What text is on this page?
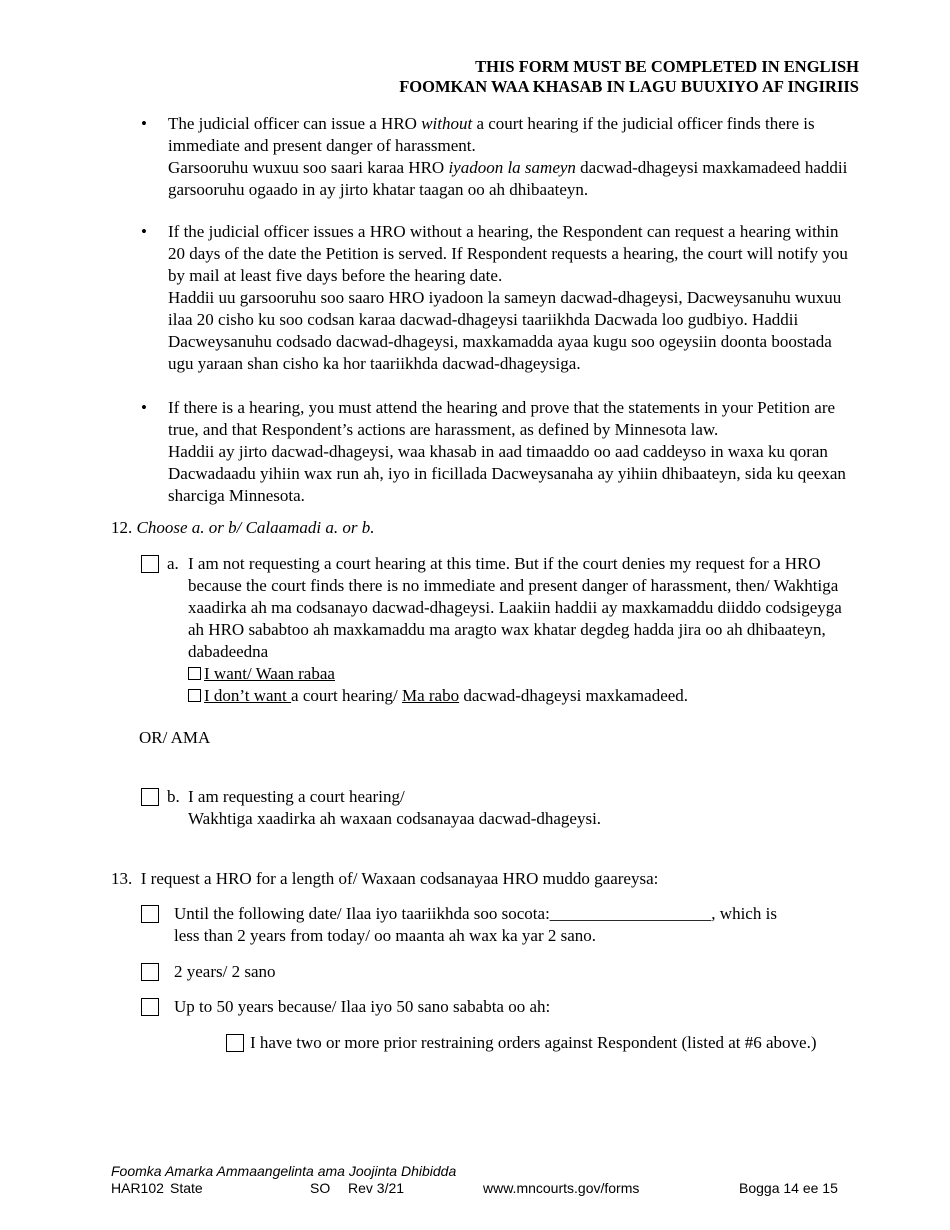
THIS FORM MUST BE COMPLETED IN ENGLISH
FOOMKAN WAA KHASAB IN LAGU BUUXIYO AF INGIRIIS
• The judicial officer can issue a HRO without a court hearing if the judicial officer finds there is immediate and present danger of harassment.
Garsooruhu wuxuu soo saari karaa HRO iyadoon la sameyn dacwad-dhageysi maxkamadeed haddii garsooruhu ogaado in ay jirto khatar taagan oo ah dhibaateyn.
• If the judicial officer issues a HRO without a hearing, the Respondent can request a hearing within 20 days of the date the Petition is served. If Respondent requests a hearing, the court will notify you by mail at least five days before the hearing date.
Haddii uu garsooruhu soo saaro HRO iyadoon la sameyn dacwad-dhageysi, Dacweysanuhu wuxuu ilaa 20 cisho ku soo codsan karaa dacwad-dhageysi taariikhda Dacwada loo gudbiyo. Haddii Dacweysanuhu codsado dacwad-dhageysi, maxkamadda ayaa kugu soo ogeysiin doonta boostada ugu yaraan shan cisho ka hor taariikhda dacwad-dhageysiga.
• If there is a hearing, you must attend the hearing and prove that the statements in your Petition are true, and that Respondent’s actions are harassment, as defined by Minnesota law.
Haddii ay jirto dacwad-dhageysi, waa khasab in aad timaaddo oo aad caddeyso in waxa ku qoran Dacwadaadu yihiin wax run ah, iyo in ficillada Dacweysanaha ay yihiin dhibaateyn, sida ku qeexan sharciga Minnesota.
12. Choose a. or b/ Calaamadi a. or b.
a. I am not requesting a court hearing at this time. But if the court denies my request for a HRO because the court finds there is no immediate and present danger of harassment, then/ Wakhtiga xaadirka ah ma codsanayo dacwad-dhageysi. Laakiin haddii ay maxkamaddu diiddo codsigeyga ah HRO sababtoo ah maxkamaddu ma aragto wax khatar degdeg hadda jira oo ah dhibaateyn, dabadeedna
I want/ Waan rabaa
I don’t want a court hearing/ Ma rabo dacwad-dhageysi maxkamadeed.
OR/ AMA
b. I am requesting a court hearing/
Wakhtiga xaadirka ah waxaan codsanayaa dacwad-dhageysi.
13. I request a HRO for a length of/ Waxaan codsanayaa HRO muddo gaareysa:
Until the following date/ Ilaa iyo taariikhda soo socota:___________________, which is
less than 2 years from today/ oo maanta ah wax ka yar 2 sano.
2 years/ 2 sano
Up to 50 years because/ Ilaa iyo 50 sano sababta oo ah:
I have two or more prior restraining orders against Respondent (listed at #6 above.)
Foomka Amarka Ammaangelinta ama Joojinta Dhibidda
HAR102 State	SO Rev 3/21	www.mncourts.gov/forms	Bogga 14 ee 15
